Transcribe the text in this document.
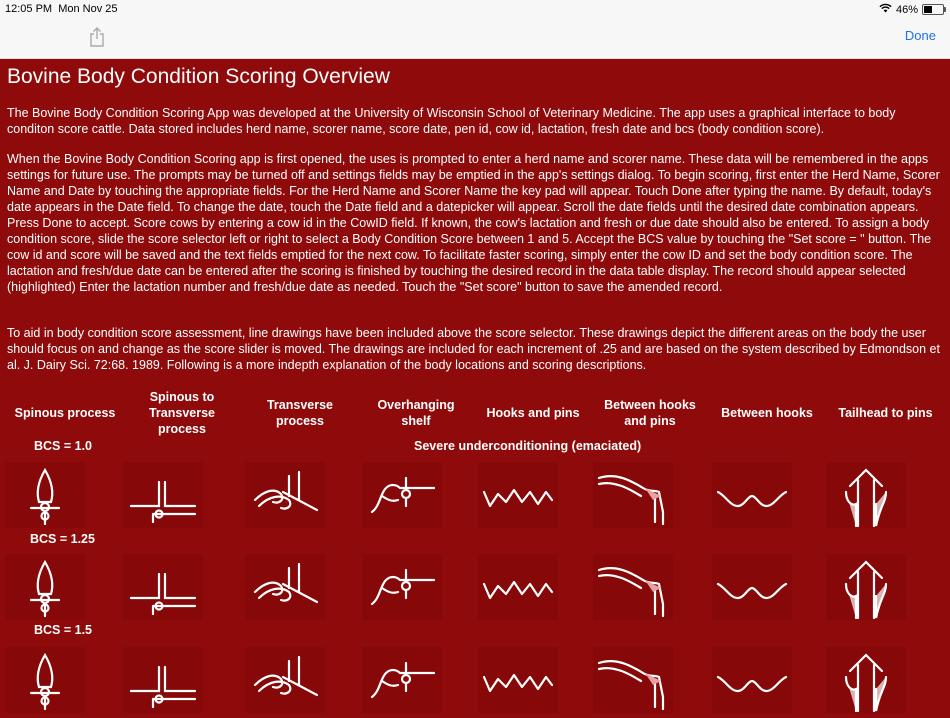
12:05 PM Mon Nov 25	46%
Done
Bovine Body Condition Scoring Overview

The Bovine Body Condition Scoring App was developed at the University of Wisconsin School of Veterinary Medicine. The app uses a graphical interface to body conditon score cattle. Data stored includes herd name, scorer name, score date, pen id, cow id, lactation, fresh date and bcs (body condition score).

When the Bovine Body Condition Scoring app is first opened, the uses is prompted to enter a herd name and scorer name. These data will be remembered in the apps settings for future use. The prompts may be turned off and settings fields may be emptied in the app's settings dialog. To begin scoring, first enter the Herd Name, Scorer Name and Date by touching the appropriate fields. For the Herd Name and Scorer Name the key pad will appear. Touch Done after typing the name. By default, today's date appears in the Date field. To change the date, touch the Date field and a datepicker will appear. Scroll the date fields until the desired date combination appears. Press Done to accept. Score cows by entering a cow id in the CowID field. If known, the cow's lactation and fresh or due date should also be entered. To assign a body condition score, slide the score selector left or right to select a Body Condition Score between 1 and 5. Accept the BCS value by touching the "Set score = " button. The cow id and score will be saved and the text fields emptied for the next cow. To facilitate faster scoring, simply enter the cow ID and set the body condition score. The lactation and fresh/due date can be entered after the scoring is finished by touching the desired record in the data table display. The record should appear selected (highlighted) Enter the lactation number and fresh/due date as needed. Touch the "Set score" button to save the amended record.

To aid in body condition score assessment, line drawings have been included above the score selector. These drawings depict the different areas on the body the user should focus on and change as the score slider is moved. The drawings are included for each increment of .25 and are based on the system described by Edmondson et al. J. Dairy Sci. 72:68. 1989. Following is a more indepth explanation of the body locations and scoring descriptions.

Spinous process
Spinous to Transverse process
Transverse process
Overhanging shelf
Hooks and pins
Between hooks and pins
Between hooks	Tailhead to pins
Severe underconditioning (emaciated)
BCS = 1.0
BCS = 1.25
BCS = 1.5
